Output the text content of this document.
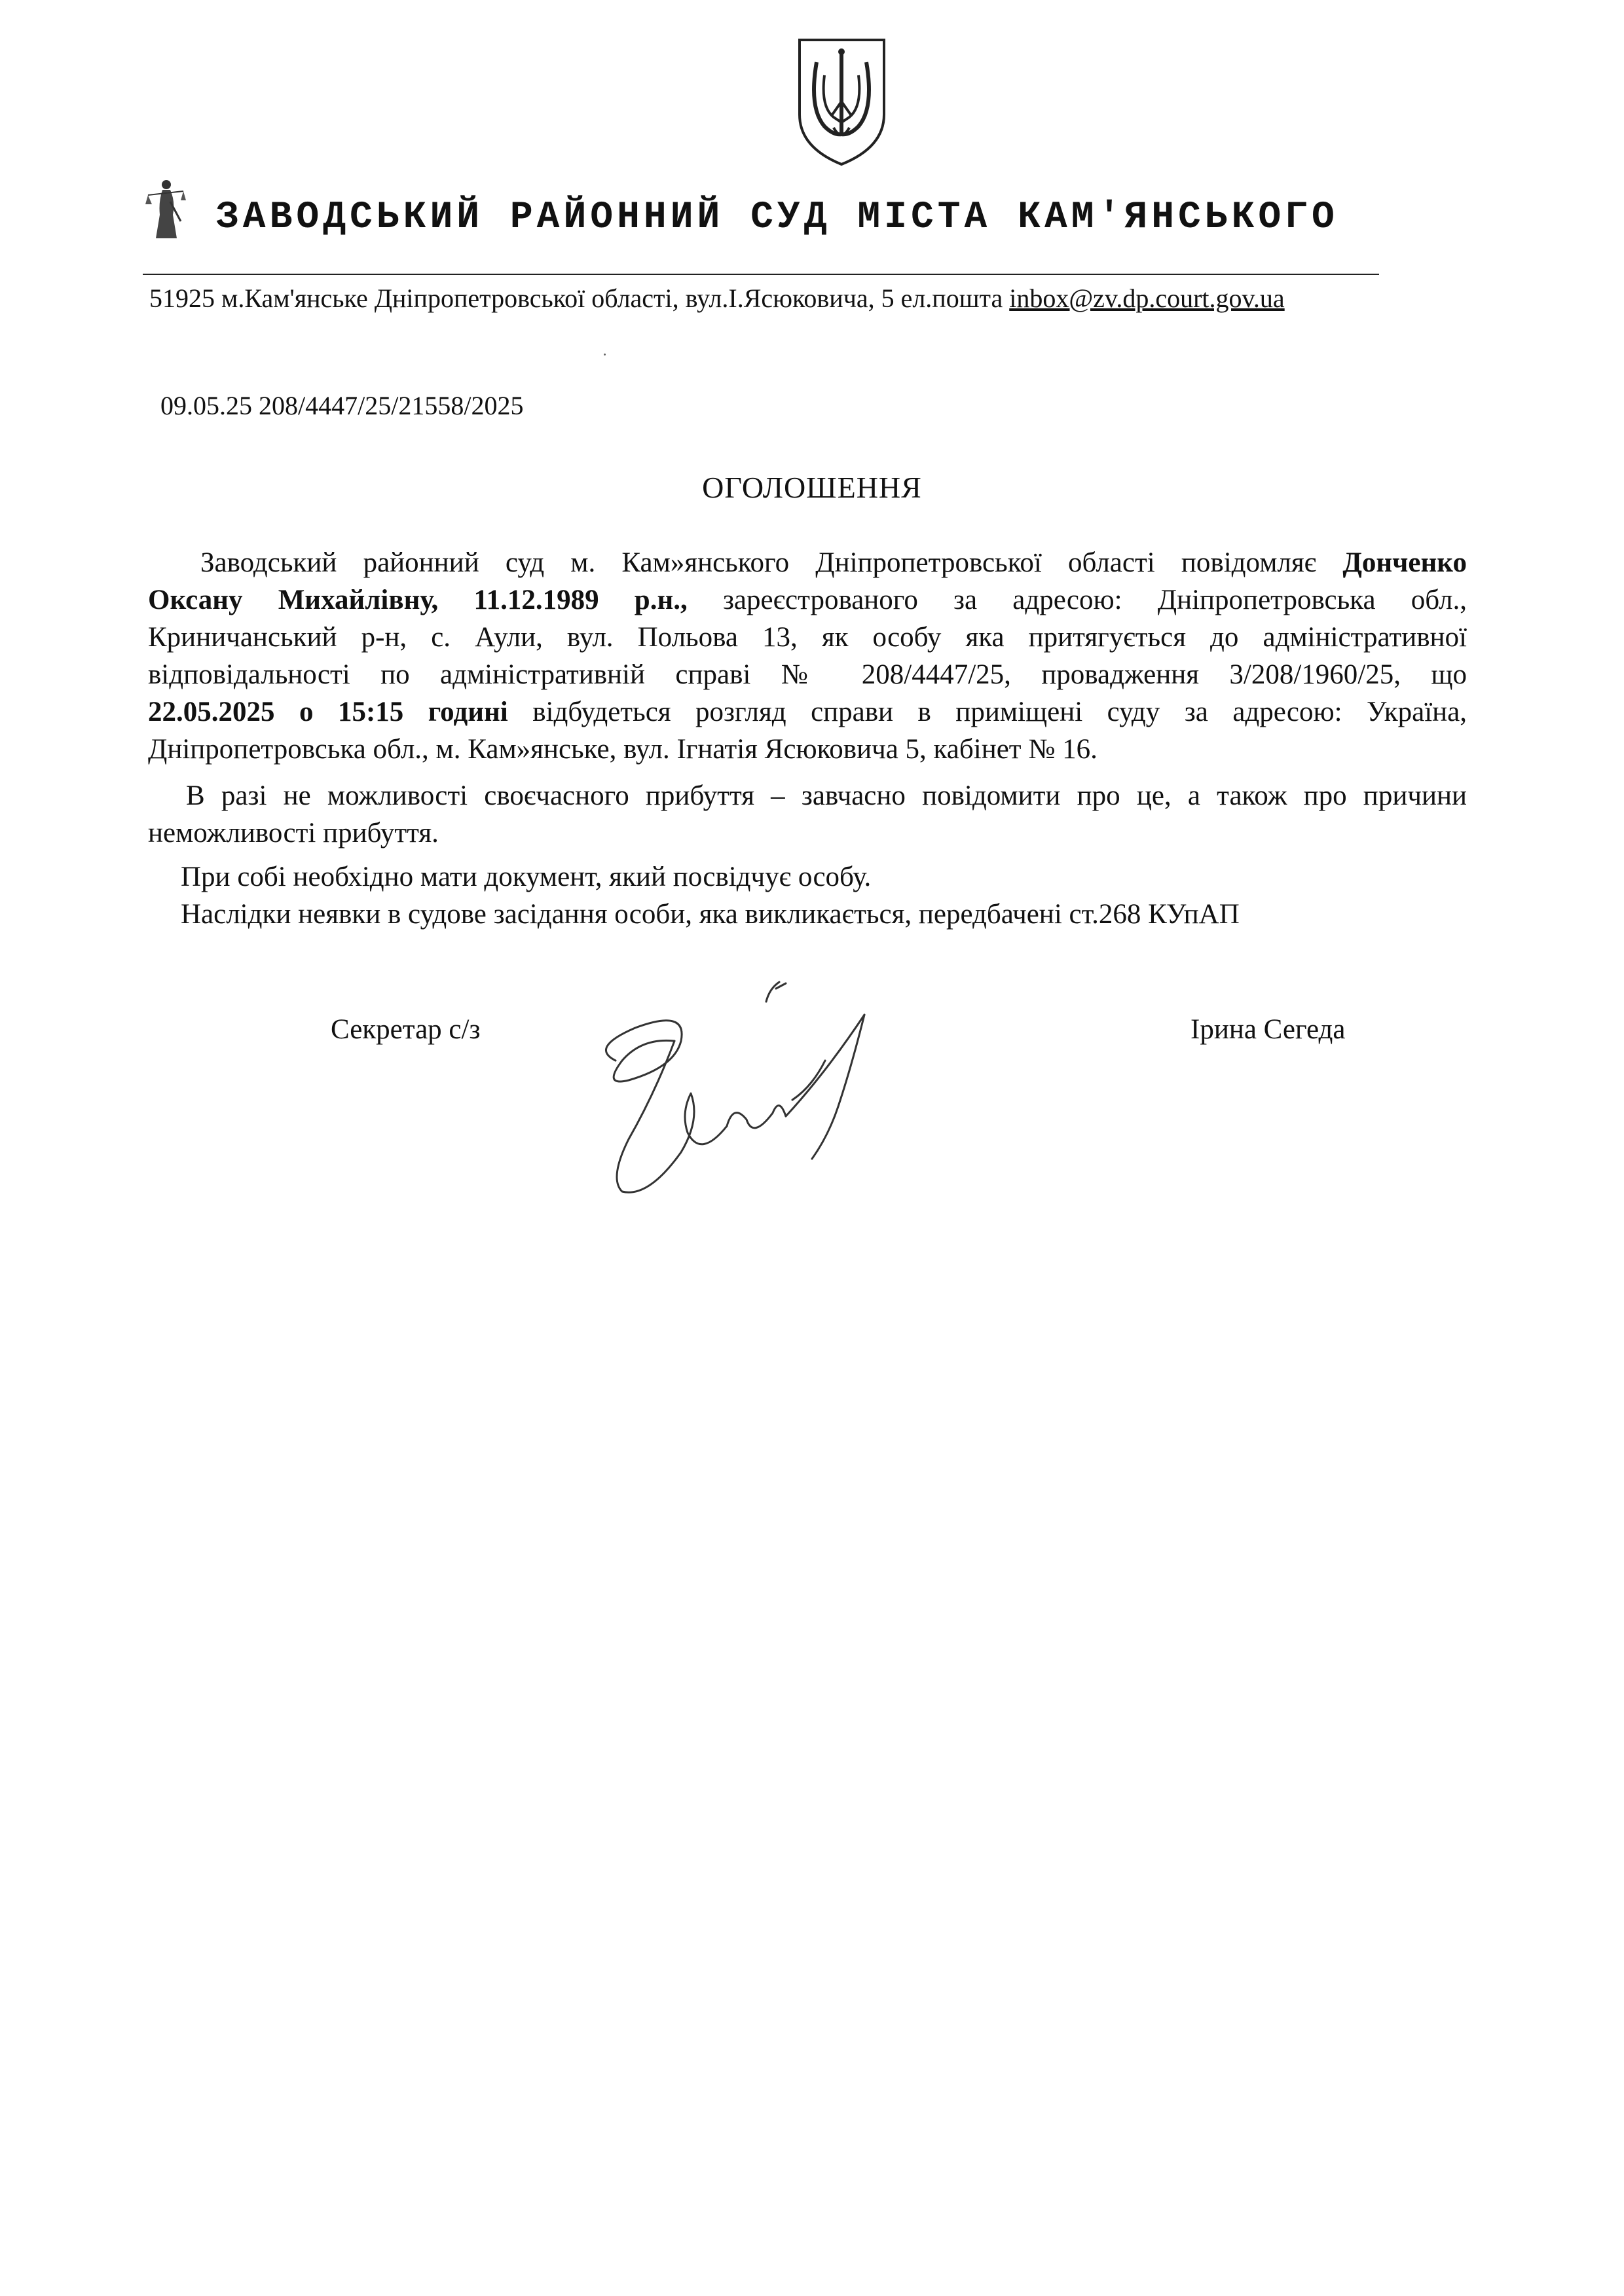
ЗАВОДСЬКИЙ РАЙОННИЙ СУД МІСТА КАМ'ЯНСЬКОГО
51925 м.Кам'янське Дніпропетровської області, вул.І.Ясюковича, 5 ел.пошта inbox@zv.dp.court.gov.ua
09.05.25 208/4447/25/21558/2025
ОГОЛОШЕННЯ
Заводський районний суд м. Кам»янського Дніпропетровської області повідомляє Донченко
Оксану Михайлівну, 11.12.1989 р.н., зареєстрованого за адресою: Дніпропетровська обл.,
Криничанський р-н, с. Аули, вул. Польова 13, як особу яка притягується до адміністративної
відповідальності по адміністративній справі № 208/4447/25, провадження 3/208/1960/25, що
22.05.2025 о 15:15 годині відбудеться розгляд справи в приміщені суду за адресою: Україна,
Дніпропетровська обл., м. Кам»янське, вул. Ігнатія Ясюковича 5, кабінет № 16.
В разі не можливості своєчасного прибуття – завчасно повідомити про це, а також про причини
неможливості прибуття.
При собі необхідно мати документ, який посвідчує особу.
Наслідки неявки в судове засідання особи, яка викликається, передбачені ст.268 КУпАП
Секретар с/з	Ірина Сегеда
